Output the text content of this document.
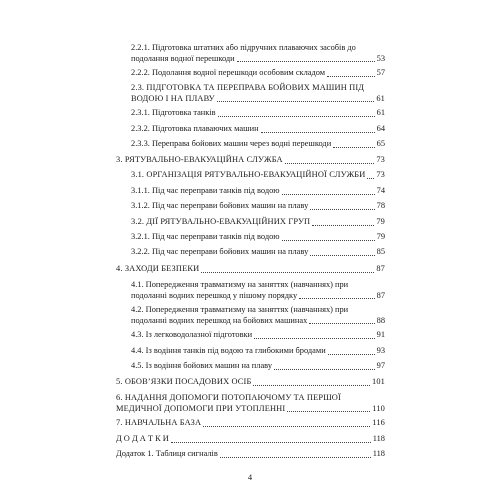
2.2.1. Підготовка штатних або підручних плаваючих засобів до
подолання водної перешкоди	53
2.2.2. Подолання водної перешкоди особовим складом	57
2.3. ПІДГОТОВКА ТА ПЕРЕПРАВА БОЙОВИХ МАШИН ПІД
ВОДОЮ І НА ПЛАВУ	61
2.3.1. Підготовка танків	61
2.3.2. Підготовка плаваючих машин	64
2.3.3. Переправа бойових машин через водні перешкоди	65
3. РЯТУВАЛЬНО-ЕВАКУАЦІЙНА СЛУЖБА	73
3.1. ОРГАНІЗАЦІЯ РЯТУВАЛЬНО-ЕВАКУАЦІЙНОЇ СЛУЖБИ 73
3.1.1. Під час переправи танків під водою	74
3.1.2. Під час переправи бойових машин на плаву	78
3.2. ДІЇ РЯТУВАЛЬНО-ЕВАКУАЦІЙНИХ ГРУП	79
3.2.1. Під час переправи танків під водою	79
3.2.2. Під час переправи бойових машин на плаву	85
4. ЗАХОДИ БЕЗПЕКИ	87
4.1. Попередження травматизму на заняттях (навчаннях) при
подоланні водних перешкод у пішому порядку	87
4.2. Попередження травматизму на заняттях (навчаннях) при
подоланні водних перешкод на бойових машинах	88
4.3. Із легководолазної підготовки	91
4.4. Із водіння танків під водою та глибокими бродами	93
4.5. Із водіння бойових машин на плаву	97
5. ОБОВ’ЯЗКИ ПОСАДОВИХ ОСІБ	101
6. НАДАННЯ ДОПОМОГИ ПОТОПАЮЧОМУ ТА ПЕРШОЇ
МЕДИЧНОЇ ДОПОМОГИ ПРИ УТОПЛЕННІ	110
7. НАВЧАЛЬНА БАЗА	116
Д О Д А Т К И	118
Додаток 1. Таблиця сигналів	118
4
